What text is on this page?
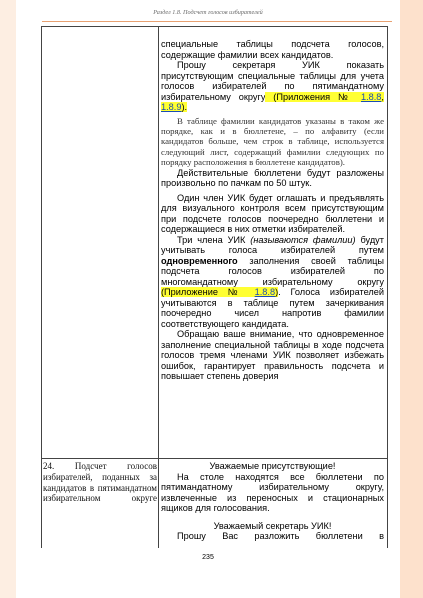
Раздел 1.8. Подсчет голосов избирателей

специальные таблицы подсчета голосов, содержащие фамилии всех кандидатов.

Прошу секретаря УИК показать присутствующим специальные таблицы для учета голосов избирателей по пятимандатному избирательному округу (Приложения № 1.8.8, 1.8.9).

В таблице фамилии кандидатов указаны в таком же порядке, как и в бюллетене, – по алфавиту (если кандидатов больше, чем строк в таблице, используется следующий лист, содержащий фамилии следующих по порядку расположения в бюллетене кандидатов).

Действительные бюллетени будут разложены произвольно по пачкам по 50 штук.

Один член УИК будет оглашать и предъявлять для визуального контроля всем присутствующим при подсчете голосов поочередно бюллетени и содержащиеся в них отметки избирателей.

Три члена УИК (называются фамилии) будут учитывать голоса избирателей путем одновременного заполнения своей таблицы подсчета голосов избирателей по многомандатному избирательному округу (Приложение № 1.8.8). Голоса избирателей учитываются в таблице путем зачеркивания поочередно чисел напротив фамилии соответствующего кандидата.

Обращаю ваше внимание, что одновременное заполнение специальной таблицы в ходе подсчета голосов тремя членами УИК позволяет избежать ошибок, гарантирует правильность подсчета и повышает степень доверия

24. Подсчет голосов избирателей, поданных за кандидатов в пятимандатном избирательном округе

Уважаемые присутствующие!

На столе находятся все бюллетени по пятимандатному избирательному округу, извлеченные из переносных и стационарных ящиков для голосования.

Уважаемый секретарь УИК!

Прошу Вас разложить бюллетени в

235
